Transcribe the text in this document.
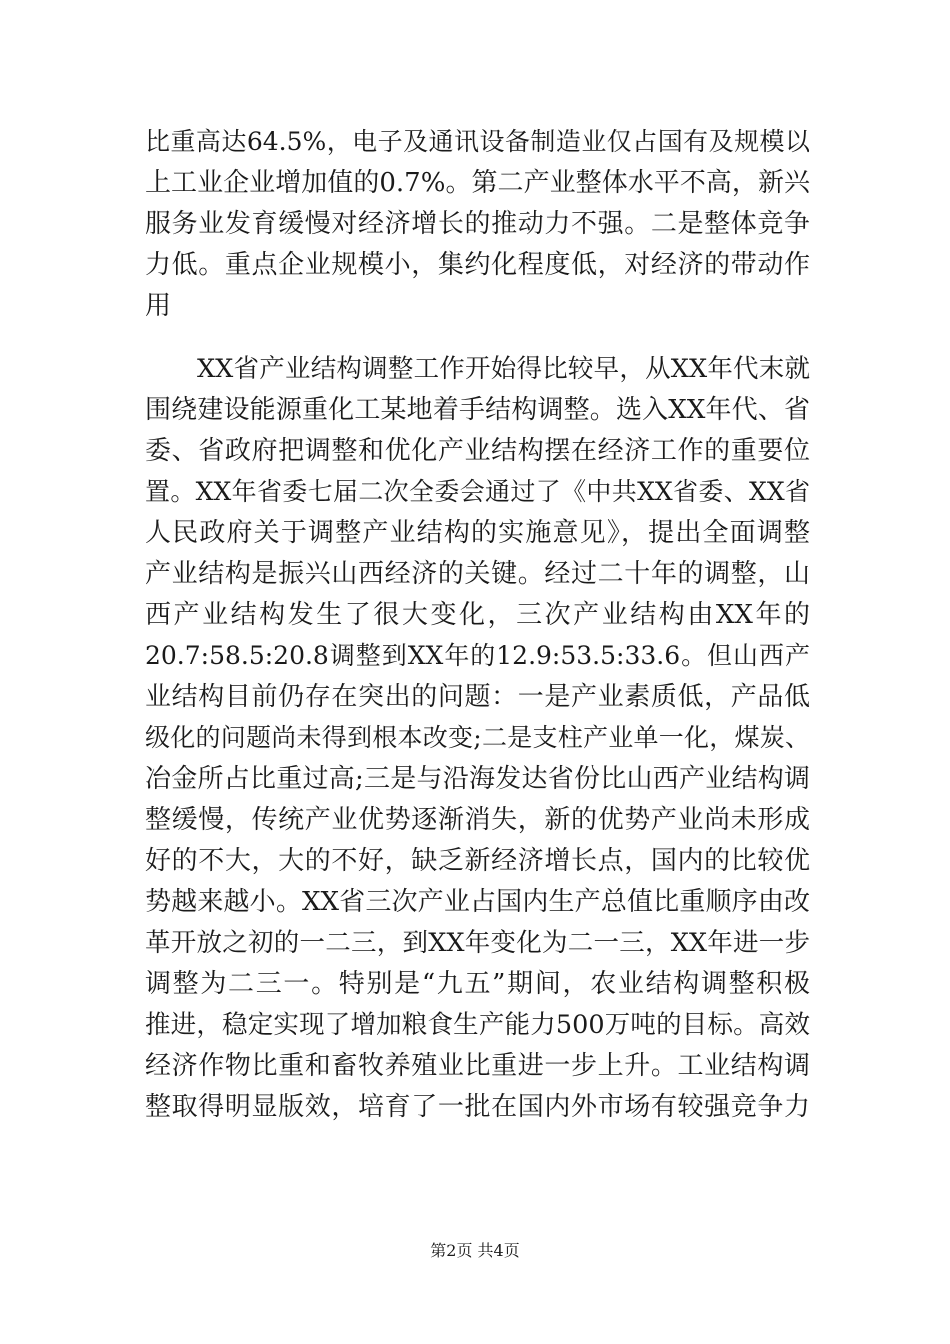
比重高达64.5%，电子及通讯设备制造业仅占国有及规模以
上工业企业增加值的0.7%。第二产业整体水平不高，新兴
服务业发育缓慢对经济增长的推动力不强。二是整体竞争
力低。重点企业规模小，集约化程度低，对经济的带动作
用
XX省产业结构调整工作开始得比较早，从XX年代末就
围绕建设能源重化工某地着手结构调整。选入XX年代、省
委、省政府把调整和优化产业结构摆在经济工作的重要位
置。XX年省委七届二次全委会通过了《中共XX省委、XX省
人民政府关于调整产业结构的实施意见》，提出全面调整
产业结构是振兴山西经济的关键。经过二十年的调整，山
西产业结构发生了很大变化，三次产业结构由XX年的
20.7:58.5:20.8调整到XX年的12.9:53.5:33.6。但山西产
业结构目前仍存在突出的问题：一是产业素质低，产品低
级化的问题尚未得到根本改变;二是支柱产业单一化，煤炭、
冶金所占比重过高;三是与沿海发达省份比山西产业结构调
整缓慢，传统产业优势逐渐消失，新的优势产业尚未形成
好的不大，大的不好，缺乏新经济增长点，国内的比较优
势越来越小。XX省三次产业占国内生产总值比重顺序由改
革开放之初的一二三，到XX年变化为二一三，XX年进一步
调整为二三一。特别是“九五”期间，农业结构调整积极
推进，稳定实现了增加粮食生产能力500万吨的目标。高效
经济作物比重和畜牧养殖业比重进一步上升。工业结构调
整取得明显版效，培育了一批在国内外市场有较强竞争力
第2页 共4页
